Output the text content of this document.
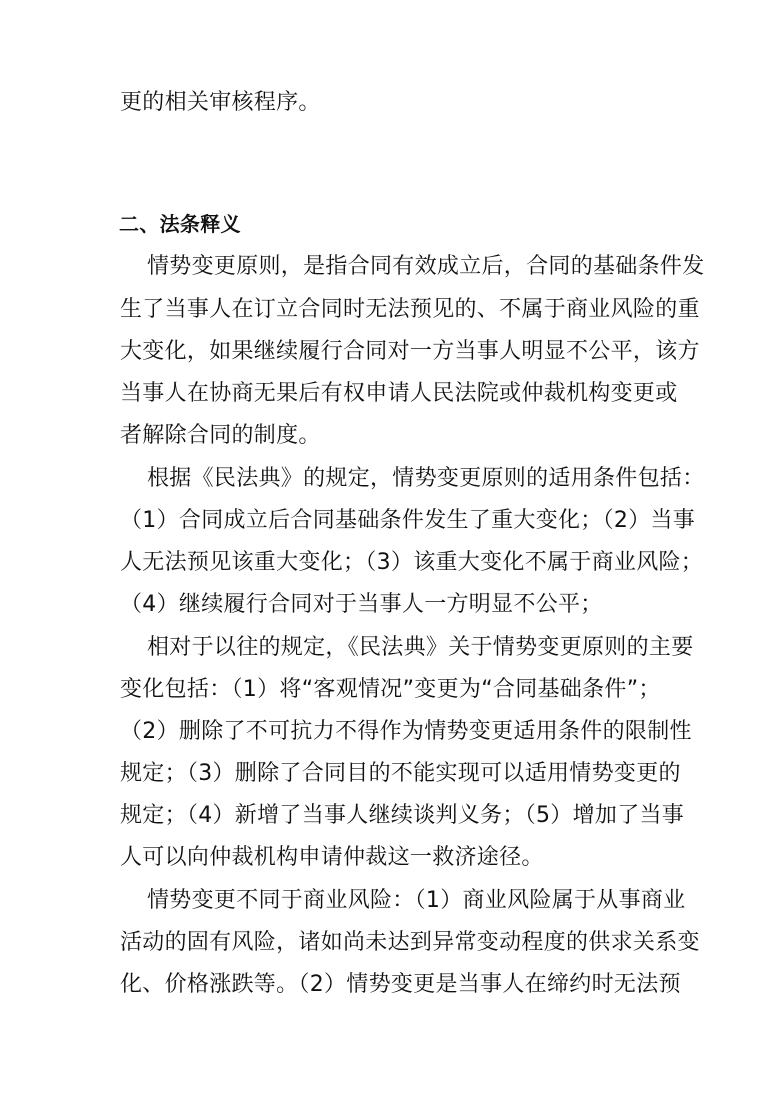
更的相关审核程序。
二、法条释义
情势变更原则，是指合同有效成立后，合同的基础条件发
生了当事人在订立合同时无法预见的、不属于商业风险的重
大变化，如果继续履行合同对一方当事人明显不公平，该方
当事人在协商无果后有权申请人民法院或仲裁机构变更或
者解除合同的制度。
根据《民法典》的规定，情势变更原则的适用条件包括：
（1）合同成立后合同基础条件发生了重大变化；（2）当事
人无法预见该重大变化；（3）该重大变化不属于商业风险；
（4）继续履行合同对于当事人一方明显不公平；
相对于以往的规定，《民法典》关于情势变更原则的主要
变化包括：（1）将“客观情况”变更为“合同基础条件”；
（2）删除了不可抗力不得作为情势变更适用条件的限制性
规定；（3）删除了合同目的不能实现可以适用情势变更的
规定；（4）新增了当事人继续谈判义务；（5）增加了当事
人可以向仲裁机构申请仲裁这一救济途径。
情势变更不同于商业风险：（1）商业风险属于从事商业
活动的固有风险，诸如尚未达到异常变动程度的供求关系变
化、价格涨跌等。（2）情势变更是当事人在缔约时无法预
